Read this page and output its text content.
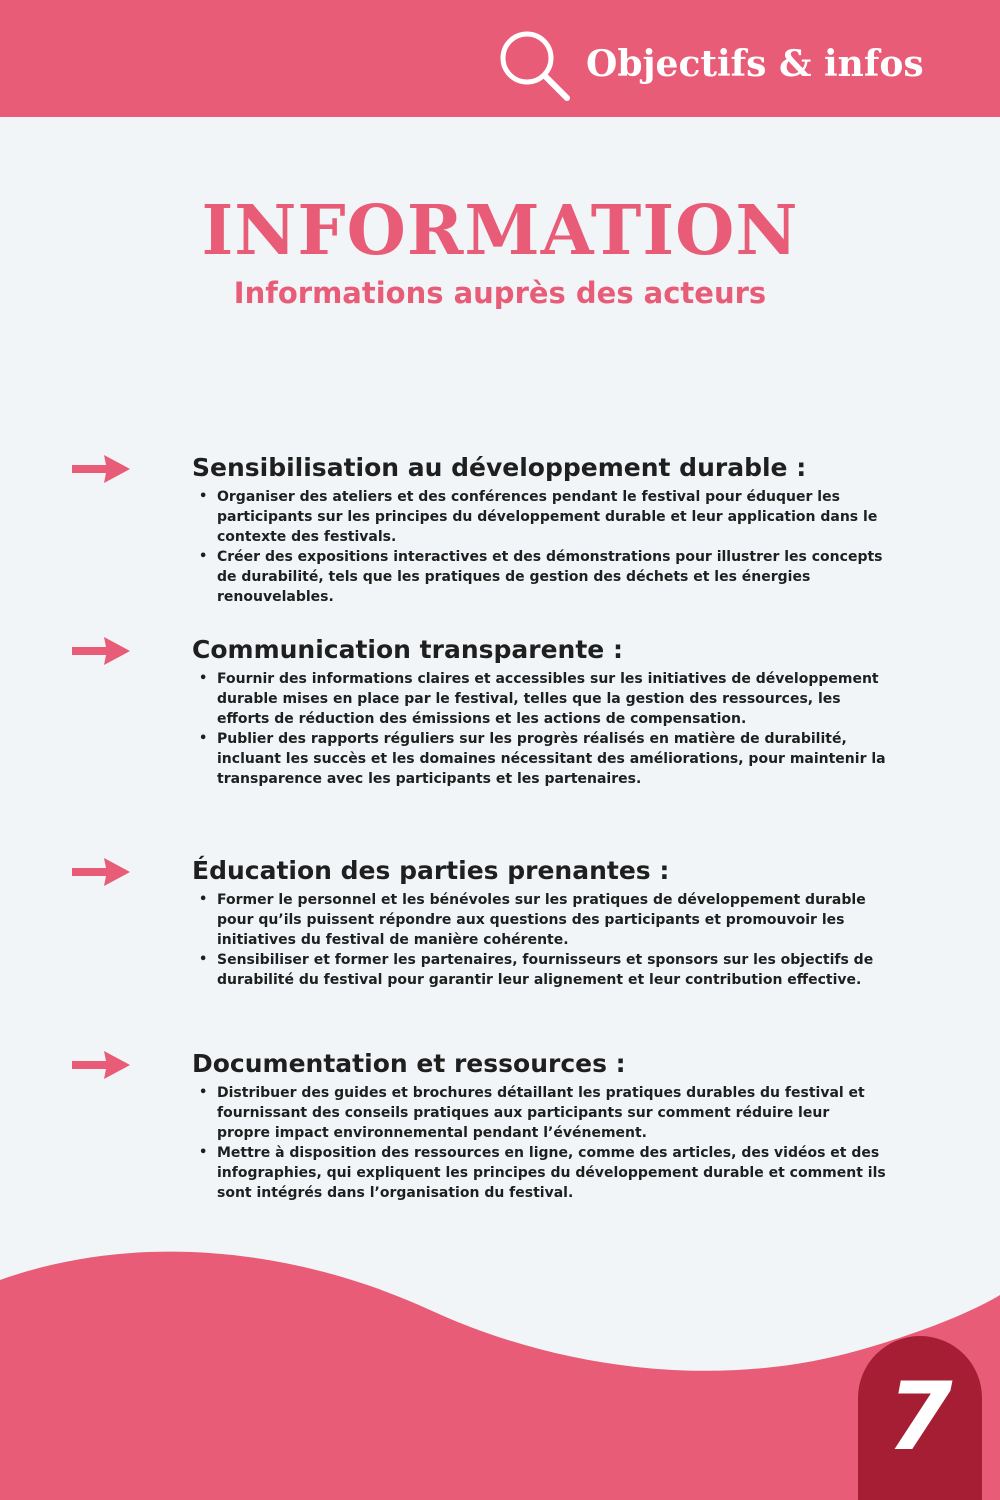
Objectifs & infos
INFORMATION
Informations auprès des acteurs
Sensibilisation au développement durable :
• Organiser des ateliers et des conférences pendant le festival pour éduquer les participants sur les principes du développement durable et leur application dans le contexte des festivals.
• Créer des expositions interactives et des démonstrations pour illustrer les concepts de durabilité, tels que les pratiques de gestion des déchets et les énergies renouvelables.
Communication transparente :
• Fournir des informations claires et accessibles sur les initiatives de développement durable mises en place par le festival, telles que la gestion des ressources, les efforts de réduction des émissions et les actions de compensation.
• Publier des rapports réguliers sur les progrès réalisés en matière de durabilité, incluant les succès et les domaines nécessitant des améliorations, pour maintenir la transparence avec les participants et les partenaires.
Éducation des parties prenantes :
• Former le personnel et les bénévoles sur les pratiques de développement durable pour qu’ils puissent répondre aux questions des participants et promouvoir les initiatives du festival de manière cohérente.
• Sensibiliser et former les partenaires, fournisseurs et sponsors sur les objectifs de durabilité du festival pour garantir leur alignement et leur contribution effective.
Documentation et ressources :
• Distribuer des guides et brochures détaillant les pratiques durables du festival et fournissant des conseils pratiques aux participants sur comment réduire leur propre impact environnemental pendant l’événement.
• Mettre à disposition des ressources en ligne, comme des articles, des vidéos et des infographies, qui expliquent les principes du développement durable et comment ils sont intégrés dans l’organisation du festival.
7
